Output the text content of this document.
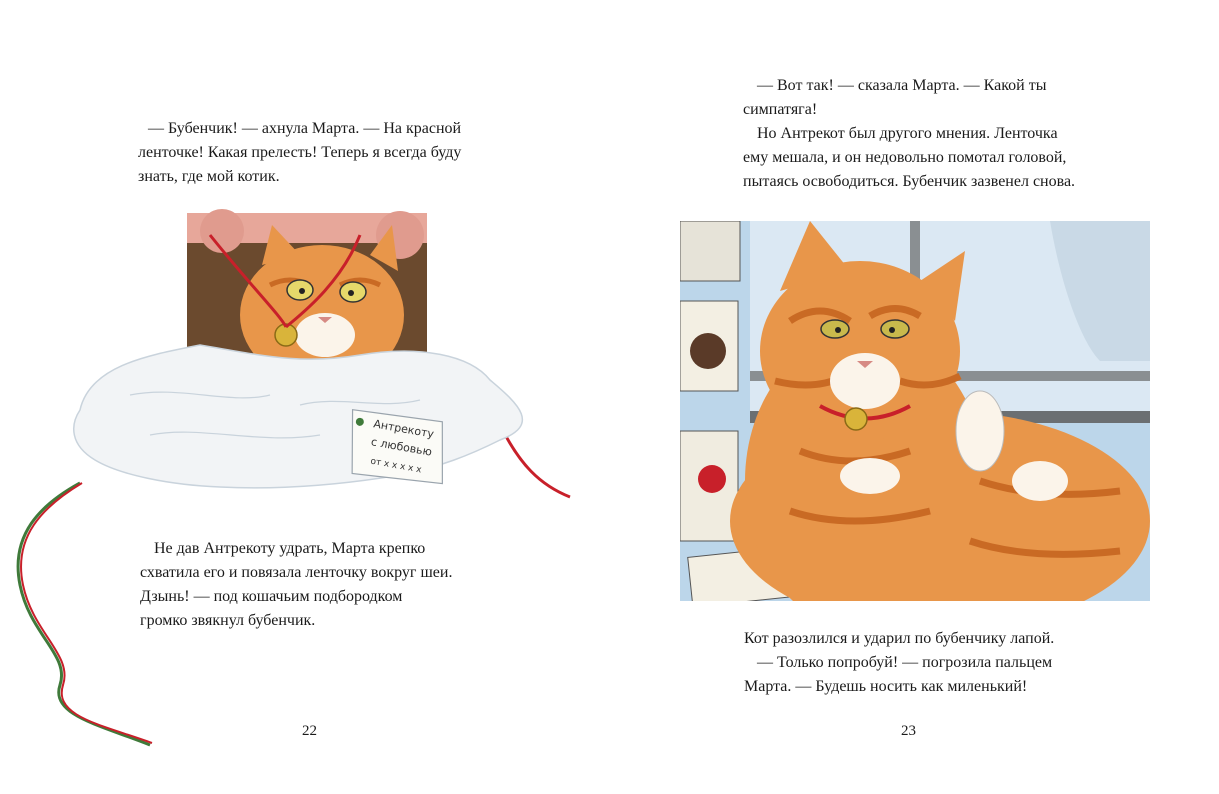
— Бубенчик! — ахнула Марта. — На красной
ленточке! Какая прелесть! Теперь я всегда буду
знать, где мой котик.
Антрекоту
с любовью
от х х х х х
Не дав Антрекоту удрать, Марта крепко
схватила его и повязала ленточку вокруг шеи.
Дзынь! — под кошачьим подбородком
громко звякнул бубенчик.
22
— Вот так! — сказала Марта. — Какой ты
симпатяга!
Но Антрекот был другого мнения. Ленточка
ему мешала, и он недовольно помотал головой,
пытаясь освободиться. Бубенчик зазвенел снова.
Кот разозлился и ударил по бубенчику лапой.
— Только попробуй! — погрозила пальцем
Марта. — Будешь носить как миленький!
23
